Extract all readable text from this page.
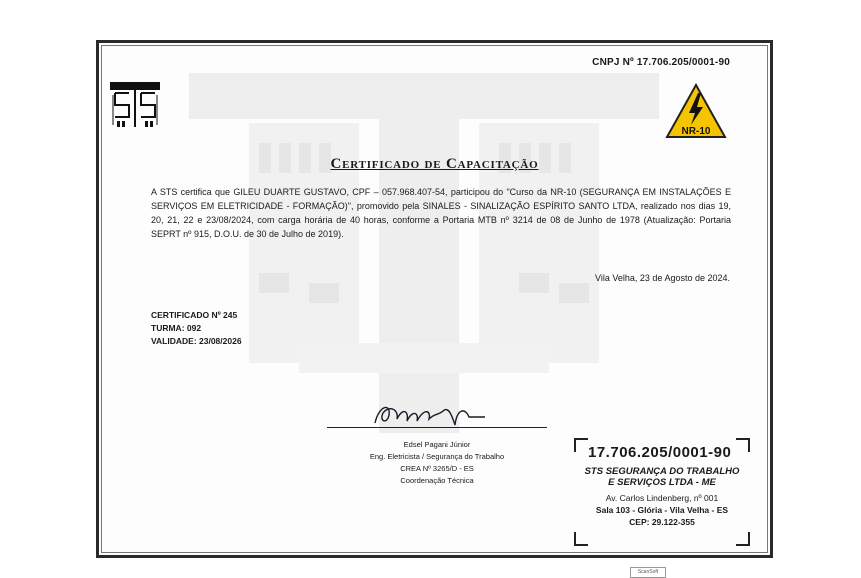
CNPJ Nº 17.706.205/0001-90
NR-10
Certificado de Capacitação
A STS certifica que GILEU DUARTE GUSTAVO, CPF – 057.968.407-54, participou do "Curso da NR-10 (SEGURANÇA EM INSTALAÇÕES E SERVIÇOS EM ELETRICIDADE - FORMAÇÃO)", promovido pela SINALES - SINALIZAÇÃO ESPÍRITO SANTO LTDA, realizado nos dias 19, 20, 21, 22 e 23/08/2024, com carga horária de 40 horas, conforme a Portaria MTB nº 3214 de 08 de Junho de 1978 (Atualização: Portaria SEPRT nº 915, D.O.U. de 30 de Julho de 2019).
Vila Velha, 23 de Agosto de 2024.
CERTIFICADO Nº 245
TURMA: 092
VALIDADE: 23/08/2026
Edsel Pagani Júnior
Eng. Eletricista / Segurança do Trabalho
CREA Nº 3265/D - ES
Coordenação Técnica
17.706.205/0001-90
STS SEGURANÇA DO TRABALHO
E SERVIÇOS LTDA - ME
Av. Carlos Lindenberg, nº 001
Sala 103 - Glória - Vila Velha - ES
CEP: 29.122-355
ScanSoft
